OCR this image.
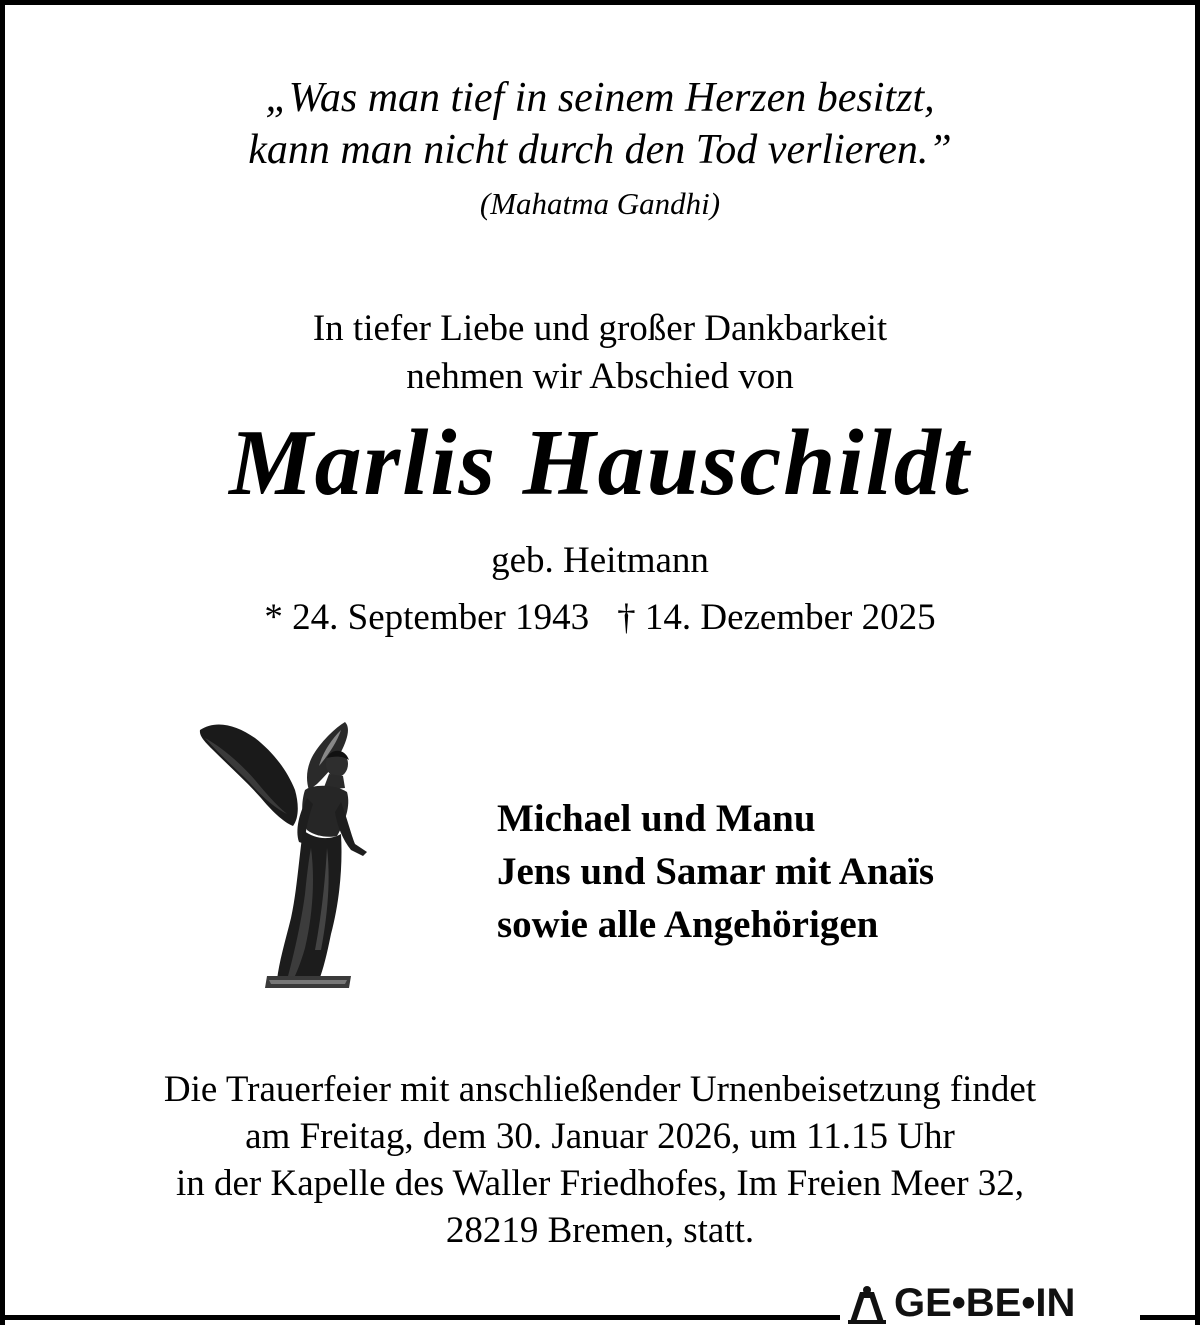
„Was man tief in seinem Herzen besitzt,
kann man nicht durch den Tod verlieren.”
(Mahatma Gandhi)
In tiefer Liebe und großer Dankbarkeit
nehmen wir Abschied von
Marlis Hauschildt
geb. Heitmann
* 24. September 1943 † 14. Dezember 2025
Michael und Manu
Jens und Samar mit Anaïs
sowie alle Angehörigen
Die Trauerfeier mit anschließender Urnenbeisetzung findet
am Freitag, dem 30. Januar 2026, um 11.15 Uhr
in der Kapelle des Waller Friedhofes, Im Freien Meer 32,
28219 Bremen, statt.
GE•BE•IN
